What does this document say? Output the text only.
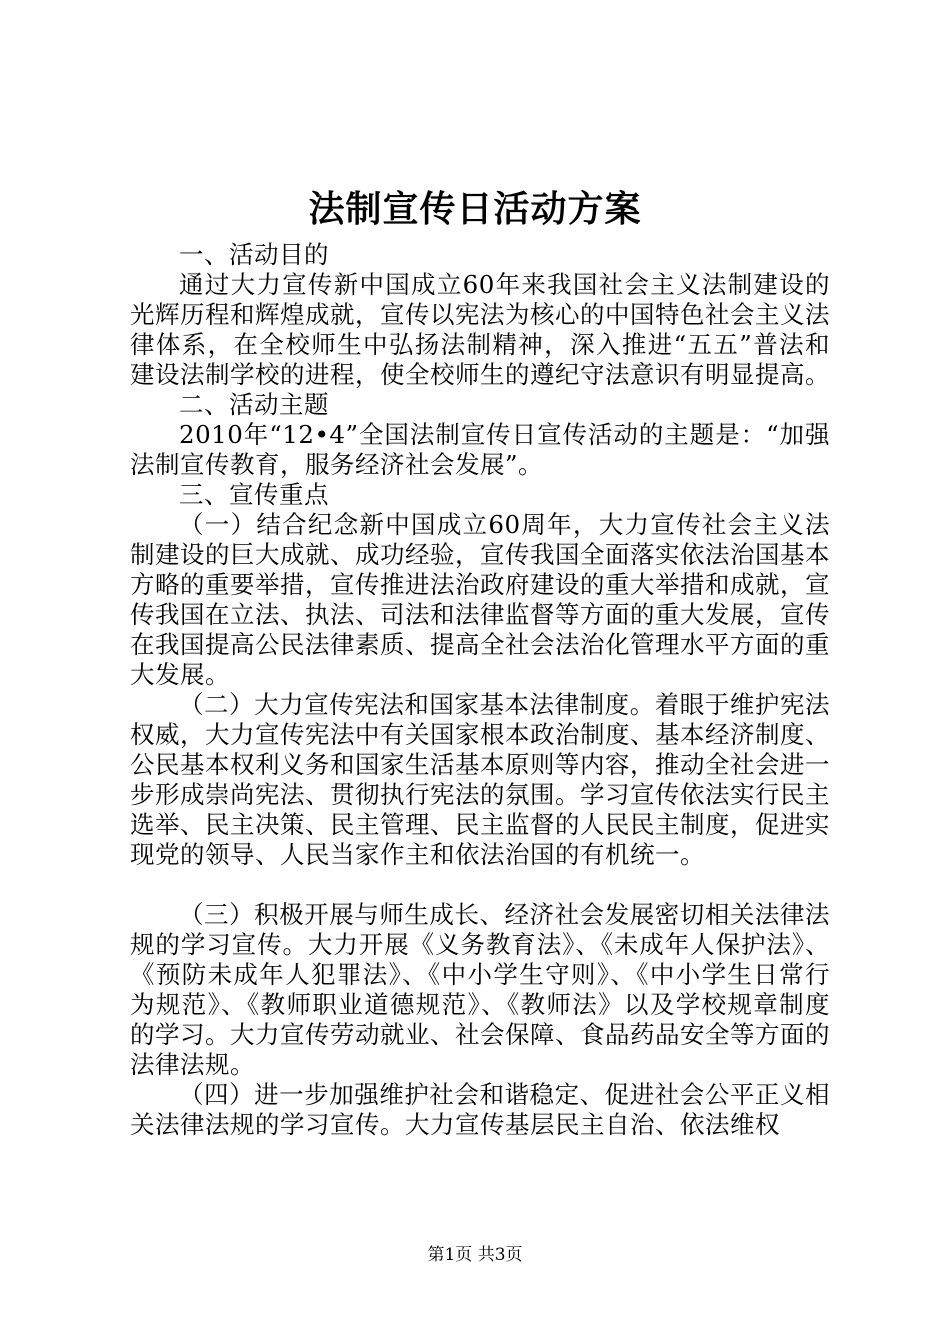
法制宣传日活动方案

一、活动目的

通过大力宣传新中国成立60年来我国社会主义法制建设的光辉历程和辉煌成就，宣传以宪法为核心的中国特色社会主义法律体系，在全校师生中弘扬法制精神，深入推进“五五”普法和建设法制学校的进程，使全校师生的遵纪守法意识有明显提高。

二、活动主题

2010年“12•4”全国法制宣传日宣传活动的主题是：“加强法制宣传教育，服务经济社会发展”。

三、宣传重点

（一）结合纪念新中国成立60周年，大力宣传社会主义法制建设的巨大成就、成功经验，宣传我国全面落实依法治国基本方略的重要举措，宣传推进法治政府建设的重大举措和成就，宣传我国在立法、执法、司法和法律监督等方面的重大发展，宣传在我国提高公民法律素质、提高全社会法治化管理水平方面的重大发展。

（二）大力宣传宪法和国家基本法律制度。着眼于维护宪法权威，大力宣传宪法中有关国家根本政治制度、基本经济制度、公民基本权利义务和国家生活基本原则等内容，推动全社会进一步形成崇尚宪法、贯彻执行宪法的氛围。学习宣传依法实行民主选举、民主决策、民主管理、民主监督的人民民主制度，促进实现党的领导、人民当家作主和依法治国的有机统一。

（三）积极开展与师生成长、经济社会发展密切相关法律法规的学习宣传。大力开展《义务教育法》、《未成年人保护法》、《预防未成年人犯罪法》、《中小学生守则》、《中小学生日常行为规范》、《教师职业道德规范》、《教师法》以及学校规章制度的学习。大力宣传劳动就业、社会保障、食品药品安全等方面的法律法规。

（四）进一步加强维护社会和谐稳定、促进社会公平正义相关法律法规的学习宣传。大力宣传基层民主自治、依法维权

第1页 共3页
